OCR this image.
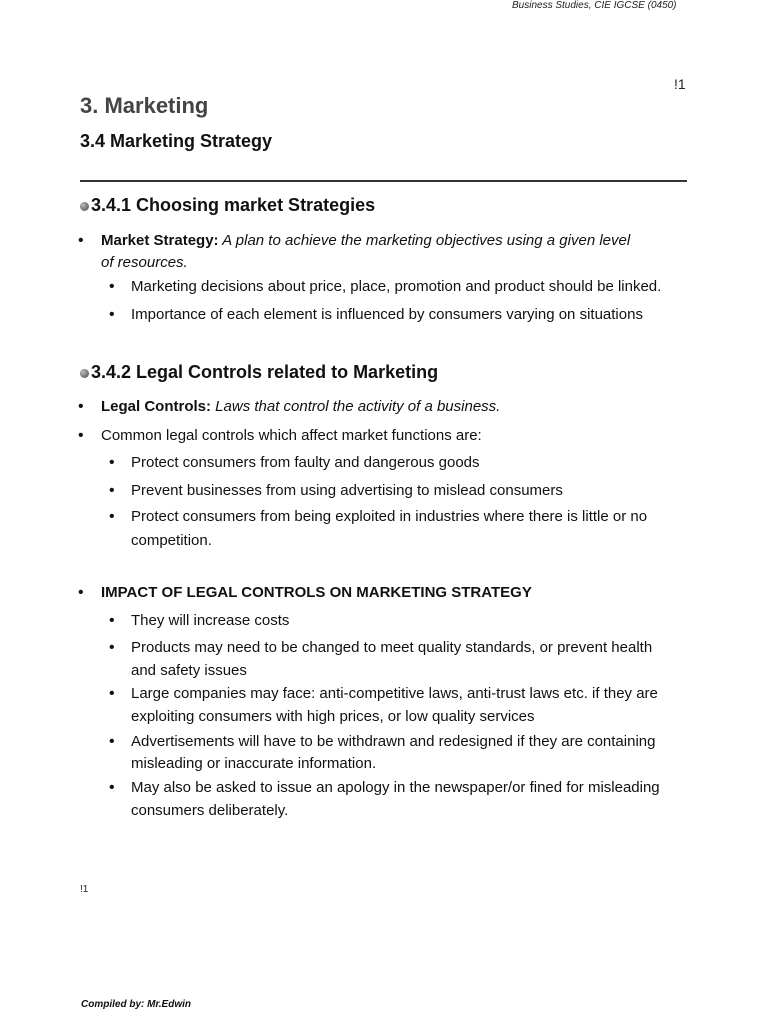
Business Studies, CIE IGCSE (0450)
!1
3. Marketing
3.4 Marketing Strategy
3.4.1 Choosing market Strategies
• Market Strategy: A plan to achieve the marketing objectives using a given level
of resources.
• Marketing decisions about price, place, promotion and product should be linked.
• Importance of each element is influenced by consumers varying on situations
3.4.2 Legal Controls related to Marketing
• Legal Controls: Laws that control the activity of a business.
• Common legal controls which affect market functions are:
• Protect consumers from faulty and dangerous goods
• Prevent businesses from using advertising to mislead consumers
• Protect consumers from being exploited in industries where there is little or no
competition.
• IMPACT OF LEGAL CONTROLS ON MARKETING STRATEGY
• They will increase costs
• Products may need to be changed to meet quality standards, or prevent health
and safety issues
• Large companies may face: anti-competitive laws, anti-trust laws etc. if they are
exploiting consumers with high prices, or low quality services
• Advertisements will have to be withdrawn and redesigned if they are containing
misleading or inaccurate information.
• May also be asked to issue an apology in the newspaper/or fined for misleading
consumers deliberately.
!1
Compiled by: Mr.Edwin
